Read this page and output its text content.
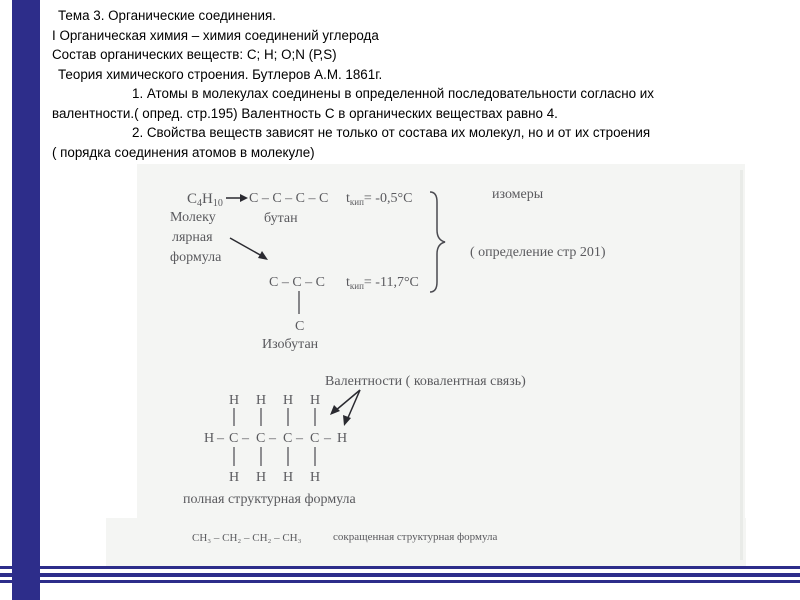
Тема 3. Органические соединения.
I Органическая химия – химия соединений углерода
Состав органических веществ: С; Н; О;N (Р,S)
Теория химического строения. Бутлеров А.М. 1861г.
1. Атомы в молекулах соединены в определенной последовательности согласно их
валентности.( опред. стр.195) Валентность С в органических веществах равно 4.
2. Свойства веществ зависят не только от состава их молекул, но и от их строения
( порядка соединения атомов в молекуле)
$С_4Н_{10}$ С – С – С – С $t_{кип}= -0,5^\circ С$
бутан
Молеку
лярная
формула
изомеры
( определение стр 201)
С – С – С $t_{кип}= -11,7^\circ С$
С
Изобутан
Валентности ( ковалентная связь)
Н Н Н Н
Н – С – С – С – С – Н
Н Н Н Н
полная структурная формула
СН₃ – СН₂ – СН₂ – СН₃	сокращенная структурная формула
